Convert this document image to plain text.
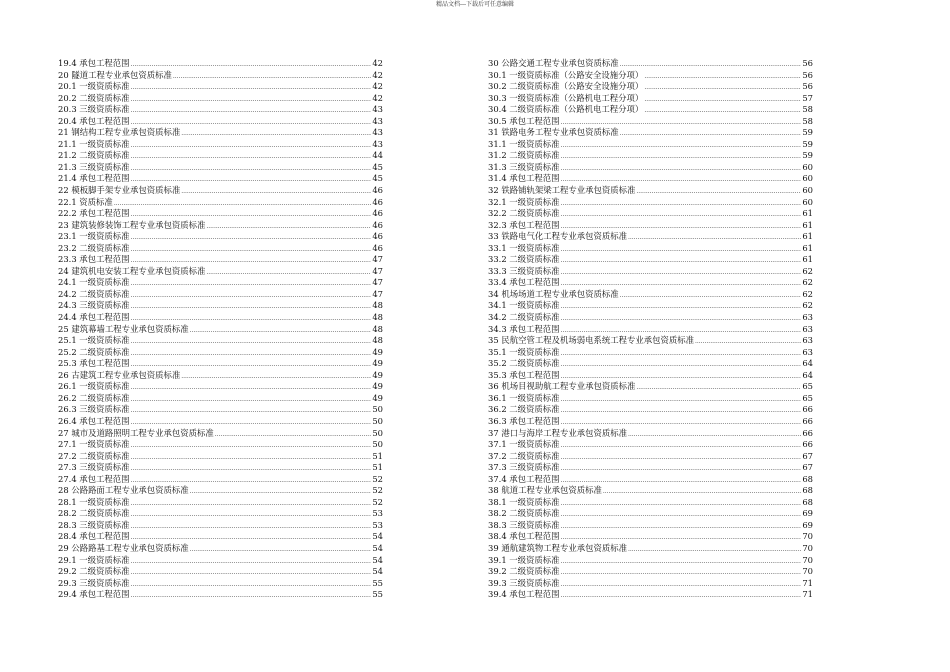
精品文档---下载后可任意编辑
19.4 承包工程范围 .....	42
20 隧道工程专业承包资质标准 .....	42
20.1 一级资质标准 .....	42
20.2 二级资质标准 .....	42
20.3 三级资质标准 .....	43
20.4 承包工程范围 .....	43
21 钢结构工程专业承包资质标准 .....	43
21.1 一级资质标准 .....	43
21.2 二级资质标准 .....	44
21.3 三级资质标准 .....	45
21.4 承包工程范围 .....	45
22 模板脚手架专业承包资质标准 .....	46
22.1 资质标准 .....	46
22.2 承包工程范围 .....	46
23 建筑装修装饰工程专业承包资质标准 .....	46
23.1 一级资质标准 .....	46
23.2 二级资质标准 .....	46
23.3 承包工程范围 .....	47
24 建筑机电安装工程专业承包资质标准 .....	47
24.1 一级资质标准 .....	47
24.2 二级资质标准 .....	47
24.3 三级资质标准 .....	48
24.4 承包工程范围 .....	48
25 建筑幕墙工程专业承包资质标准 .....	48
25.1 一级资质标准 .....	48
25.2 二级资质标准 .....	49
25.3 承包工程范围 .....	49
26 古建筑工程专业承包资质标准 .....	49
26.1 一级资质标准 .....	49
26.2 二级资质标准 .....	49
26.3 三级资质标准 .....	50
26.4 承包工程范围 .....	50
27 城市及道路照明工程专业承包资质标准 .....	50
27.1 一级资质标准 .....	50
27.2 二级资质标准 .....	51
27.3 三级资质标准 .....	51
27.4 承包工程范围 .....	52
28 公路路面工程专业承包资质标准 .....	52
28.1 一级资质标准 .....	52
28.2 二级资质标准 .....	53
28.3 三级资质标准 .....	53
28.4 承包工程范围 .....	54
29 公路路基工程专业承包资质标准 .....	54
29.1 一级资质标准 .....	54
29.2 二级资质标准 .....	54
29.3 三级资质标准 .....	55
29.4 承包工程范围 .....	55
30 公路交通工程专业承包资质标准 .....	56
30.1 一级资质标准（公路安全设施分项） .....	56
30.2 二级资质标准（公路安全设施分项） .....	56
30.3 一级资质标准（公路机电工程分项） .....	57
30.4 二级资质标准（公路机电工程分项） .....	58
30.5 承包工程范围 .....	58
31 铁路电务工程专业承包资质标准 .....	59
31.1 一级资质标准 .....	59
31.2 二级资质标准 .....	59
31.3 三级资质标准 .....	60
31.4 承包工程范围 .....	60
32 铁路铺轨架梁工程专业承包资质标准 .....	60
32.1 一级资质标准 .....	60
32.2 二级资质标准 .....	61
32.3 承包工程范围 .....	61
33 铁路电气化工程专业承包资质标准 .....	61
33.1 一级资质标准 .....	61
33.2 二级资质标准 .....	61
33.3 三级资质标准 .....	62
33.4 承包工程范围 .....	62
34 机场场道工程专业承包资质标准 .....	62
34.1 一级资质标准 .....	62
34.2 二级资质标准 .....	63
34.3 承包工程范围 .....	63
35 民航空管工程及机场弱电系统工程专业承包资质标准 .....	63
35.1 一级资质标准 .....	63
35.2 二级资质标准 .....	64
35.3 承包工程范围 .....	64
36 机场目视助航工程专业承包资质标准 .....	65
36.1 一级资质标准 .....	65
36.2 二级资质标准 .....	66
36.3 承包工程范围 .....	66
37 港口与海岸工程专业承包资质标准 .....	66
37.1 一级资质标准 .....	66
37.2 二级资质标准 .....	67
37.3 三级资质标准 .....	67
37.4 承包工程范围 .....	68
38 航道工程专业承包资质标准 .....	68
38.1 一级资质标准 .....	68
38.2 二级资质标准 .....	69
38.3 三级资质标准 .....	69
38.4 承包工程范围 .....	70
39 通航建筑物工程专业承包资质标准 .....	70
39.1 一级资质标准 .....	70
39.2 二级资质标准 .....	70
39.3 三级资质标准 .....	71
39.4 承包工程范围 .....	71
